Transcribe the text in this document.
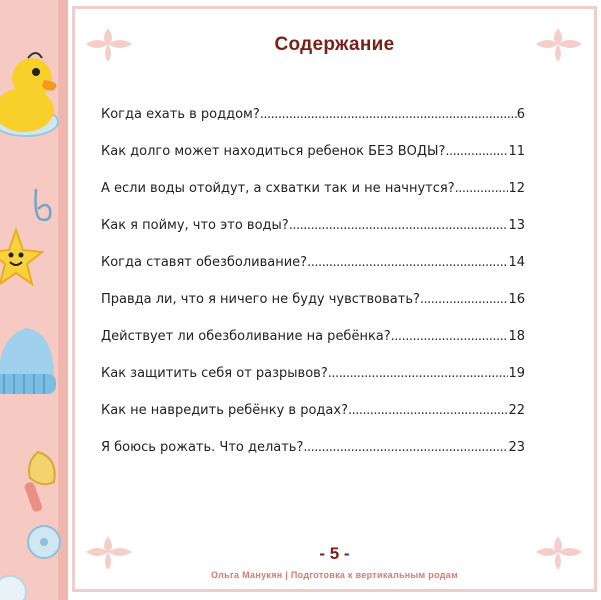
Содержание
Когда ехать в роддом? .....	6
Как долго может находиться ребенок БЕЗ ВОДЫ? .....	11
А если воды отойдут, а схватки так и не начнутся? .....	12
Как я пойму, что это воды? .....	13
Когда ставят обезболивание? .....	14
Правда ли, что я ничего не буду чувствовать? .....	16
Действует ли обезболивание на ребёнка? .....	18
Как защитить себя от разрывов? .....	19
Как не навредить ребёнку в родах? .....	22
Я боюсь рожать. Что делать? .....	23
- 5 -
Ольга Манукян | Подготовка к вертикальным родам
